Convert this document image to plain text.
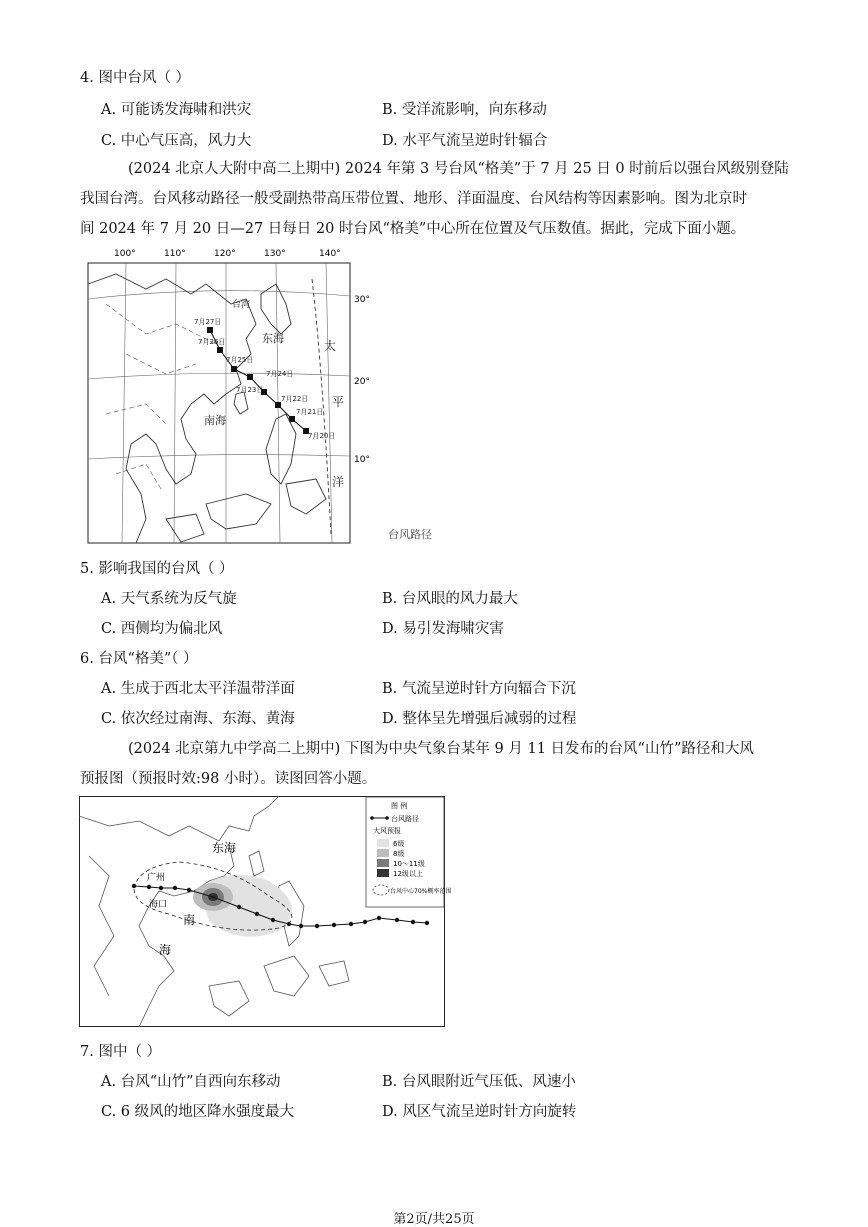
4. 图中台风（ ）
A. 可能诱发海啸和洪灾	B. 受洋流影响，向东移动
C. 中心气压高，风力大	D. 水平气流呈逆时针辐合
(2024 北京人大附中高二上期中) 2024 年第 3 号台风“格美”于 7 月 25 日 0 时前后以强台风级别登陆
我国台湾。台风移动路径一般受副热带高压带位置、地形、洋面温度、台风结构等因素影响。图为北京时
间 2024 年 7 月 20 日—27 日每日 20 时台风“格美”中心所在位置及气压数值。据此，完成下面小题。
100°	110°	120°	130°	140°
30°
20°
10°
太
平
洋
东海
南海
台湾
7月27日
7月26日
7月25日
7月24日
7月23日
7月22日
7月21日
7月20日
台风路径
5. 影响我国的台风（ ）
A. 天气系统为反气旋	B. 台风眼的风力最大
C. 西侧均为偏北风	D. 易引发海啸灾害
6. 台风“格美”（ ）
A. 生成于西北太平洋温带洋面	B. 气流呈逆时针方向辐合下沉
C. 依次经过南海、东海、黄海	D. 整体呈先增强后减弱的过程
(2024 北京第九中学高二上期中) 下图为中央气象台某年 9 月 11 日发布的台风“山竹”路径和大风
预报图（预报时效:98 小时）。读图回答小题。
东海
广州
海口
南
海
图 例
台风路径
大风预报
6级
8级
10～11级
12级以上
台风中心70%概率范围
7. 图中（ ）
A. 台风“山竹”自西向东移动	B. 台风眼附近气压低、风速小
C. 6 级风的地区降水强度最大	D. 风区气流呈逆时针方向旋转
第2页/共25页
